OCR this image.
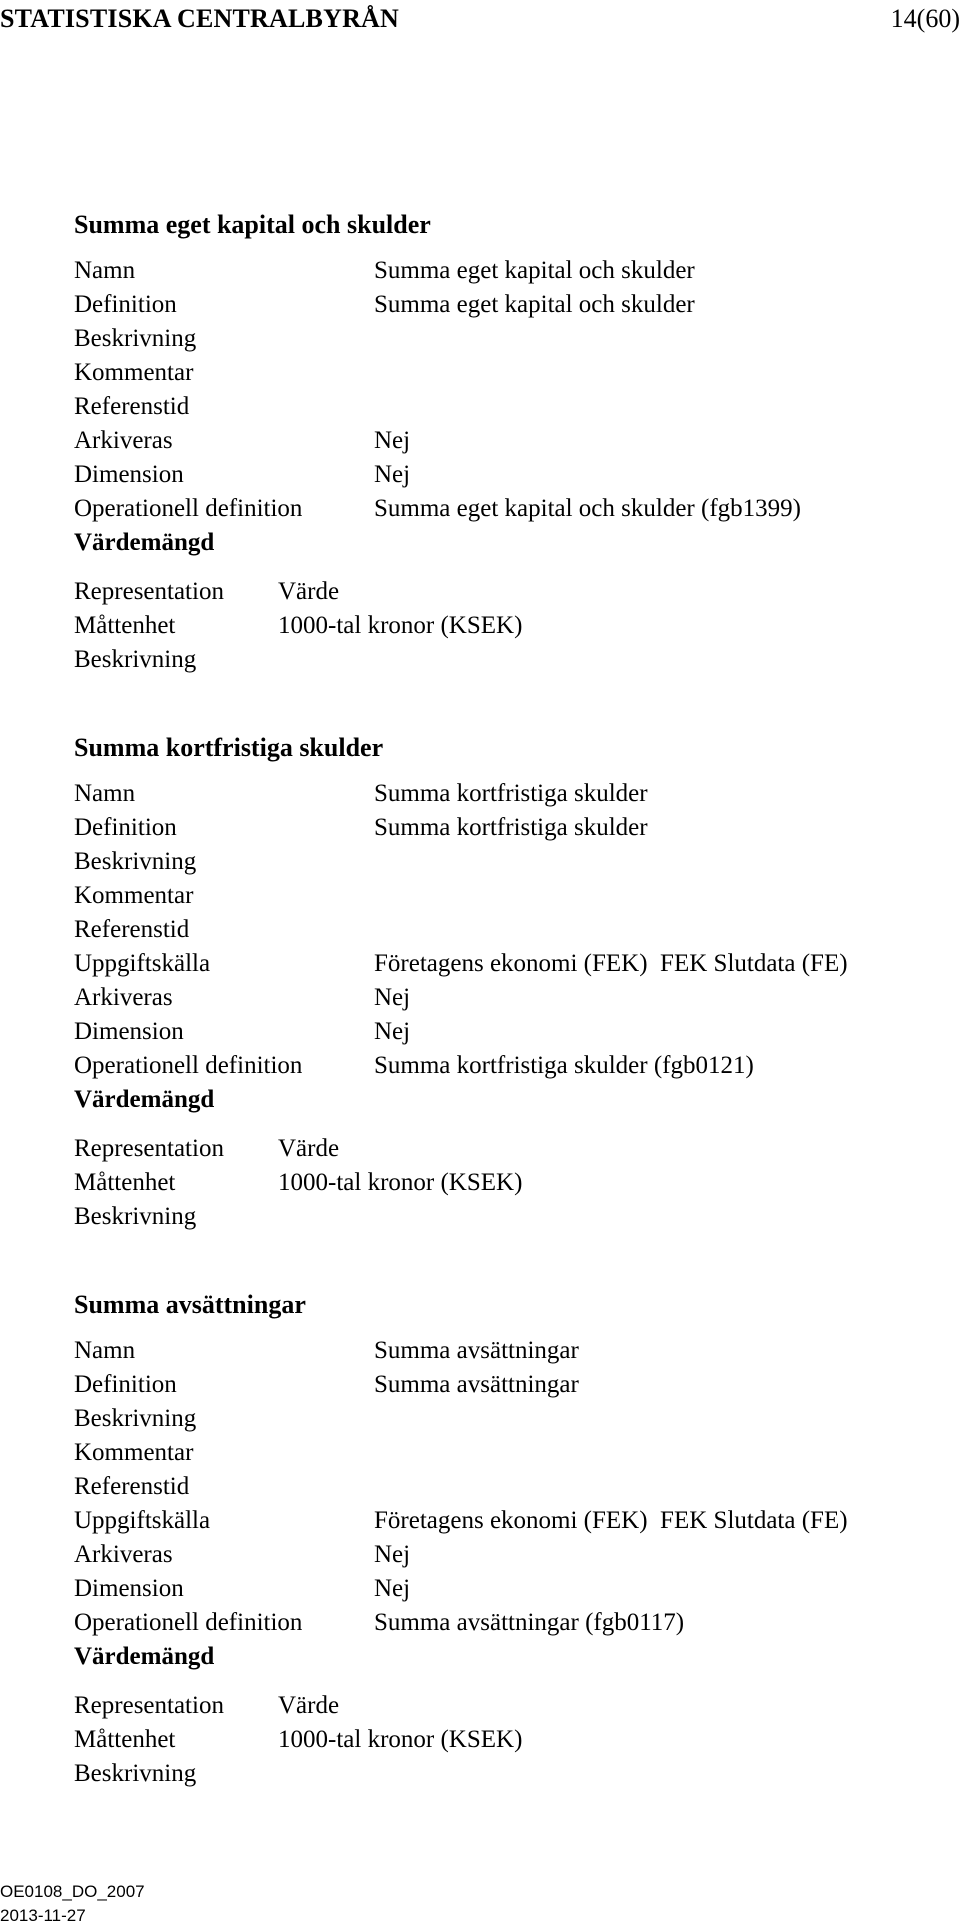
STATISTISKA CENTRALBYRÅN	14(60)
Summa eget kapital och skulder
Namn	Summa eget kapital och skulder
Definition	Summa eget kapital och skulder
Beskrivning
Kommentar
Referenstid
Arkiveras	Nej
Dimension	Nej
Operationell definition	Summa eget kapital och skulder (fgb1399)
Värdemängd
Representation Värde
Måttenhet	1000-tal kronor (KSEK)
Beskrivning
Summa kortfristiga skulder
Namn	Summa kortfristiga skulder
Definition	Summa kortfristiga skulder
Beskrivning
Kommentar
Referenstid
Uppgiftskälla	Företagens ekonomi (FEK)  FEK Slutdata (FE)
Arkiveras	Nej
Dimension	Nej
Operationell definition	Summa kortfristiga skulder (fgb0121)
Värdemängd
Representation Värde
Måttenhet	1000-tal kronor (KSEK)
Beskrivning
Summa avsättningar
Namn	Summa avsättningar
Definition	Summa avsättningar
Beskrivning
Kommentar
Referenstid
Uppgiftskälla	Företagens ekonomi (FEK)  FEK Slutdata (FE)
Arkiveras	Nej
Dimension	Nej
Operationell definition	Summa avsättningar (fgb0117)
Värdemängd
Representation Värde
Måttenhet	1000-tal kronor (KSEK)
Beskrivning
OE0108_DO_2007
2013-11-27
